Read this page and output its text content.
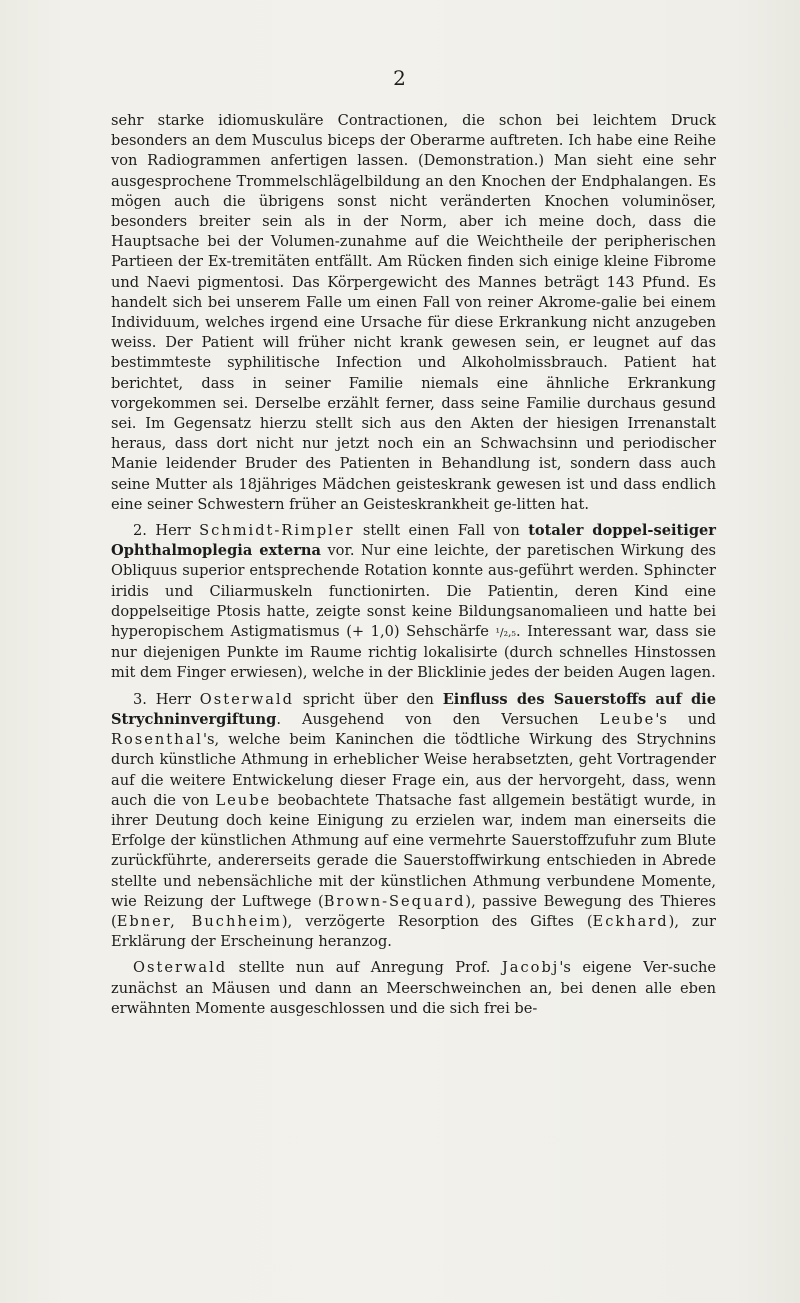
2

sehr starke idiomuskuläre Contractionen, die schon bei leichtem Druck besonders an dem Musculus biceps der Oberarme auftreten. Ich habe eine Reihe von Radiogrammen anfertigen lassen. (Demonstration.) Man sieht eine sehr ausgesprochene Trommelschlägelbildung an den Knochen der Endphalangen. Es mögen auch die übrigens sonst nicht veränderten Knochen voluminöser, besonders breiter sein als in der Norm, aber ich meine doch, dass die Hauptsache bei der Volumen-zunahme auf die Weichtheile der peripherischen Partieen der Ex-tremitäten entfällt. Am Rücken finden sich einige kleine Fibrome und Naevi pigmentosi. Das Körpergewicht des Mannes beträgt 143 Pfund. Es handelt sich bei unserem Falle um einen Fall von reiner Akrome-galie bei einem Individuum, welches irgend eine Ursache für diese Erkrankung nicht anzugeben weiss. Der Patient will früher nicht krank gewesen sein, er leugnet auf das bestimmteste syphilitische Infection und Alkoholmissbrauch. Patient hat berichtet, dass in seiner Familie niemals eine ähnliche Erkrankung vorgekommen sei. Derselbe erzählt ferner, dass seine Familie durchaus gesund sei. Im Gegensatz hierzu stellt sich aus den Akten der hiesigen Irrenanstalt heraus, dass dort nicht nur jetzt noch ein an Schwachsinn und periodischer Manie leidender Bruder des Patienten in Behandlung ist, sondern dass auch seine Mutter als 18jähriges Mädchen geisteskrank gewesen ist und dass endlich eine seiner Schwestern früher an Geisteskrankheit ge-litten hat.

2. Herr Schmidt-Rimpler stellt einen Fall von totaler doppel-seitiger Ophthalmoplegia externa vor. Nur eine leichte, der paretischen Wirkung des Obliquus superior entsprechende Rotation konnte aus-geführt werden. Sphincter iridis und Ciliarmuskeln functionirten. Die Patientin, deren Kind eine doppelseitige Ptosis hatte, zeigte sonst keine Bildungsanomalieen und hatte bei hyperopischem Astigmatismus (+ 1,0) Sehschärfe ¹/₂,₅. Interessant war, dass sie nur diejenigen Punkte im Raume richtig lokalisirte (durch schnelles Hinstossen mit dem Finger erwiesen), welche in der Blicklinie jedes der beiden Augen lagen.

3. Herr Osterwald spricht über den Einfluss des Sauerstoffs auf die Strychninvergiftung. Ausgehend von den Versuchen Leube's und Rosenthal's, welche beim Kaninchen die tödtliche Wirkung des Strychnins durch künstliche Athmung in erheblicher Weise herabsetzten, geht Vortragender auf die weitere Entwickelung dieser Frage ein, aus der hervorgeht, dass, wenn auch die von Leube beobachtete Thatsache fast allgemein bestätigt wurde, in ihrer Deutung doch keine Einigung zu erzielen war, indem man einerseits die Erfolge der künstlichen Athmung auf eine vermehrte Sauerstoffzufuhr zum Blute zurückführte, andererseits gerade die Sauerstoffwirkung entschieden in Abrede stellte und nebensächliche mit der künstlichen Athmung verbundene Momente, wie Reizung der Luftwege (Brown-Sequard), passive Bewegung des Thieres (Ebner, Buchheim), verzögerte Resorption des Giftes (Eckhard), zur Erklärung der Erscheinung heranzog.

Osterwald stellte nun auf Anregung Prof. Jacobj's eigene Ver-suche zunächst an Mäusen und dann an Meerschweinchen an, bei denen alle eben erwähnten Momente ausgeschlossen und die sich frei be-
